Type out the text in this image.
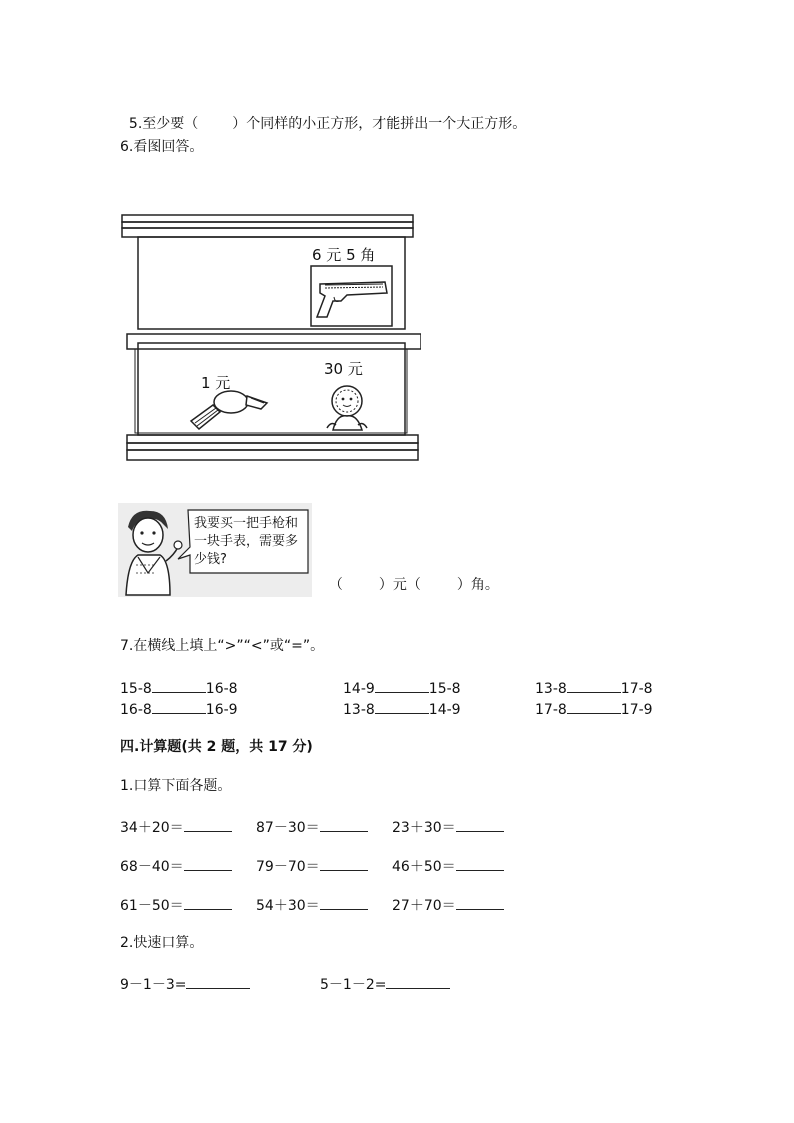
5.至少要（ ）个同样的小正方形，才能拼出一个大正方形。

6.看图回答。
6 元 5 角
1 元
30 元
我要买一把手枪和
一块手表，需要多
少钱?

（	）元（	）角。

7.在横线上填上“>”“<”或“=”。
15-8	16-8	14-9	15-8	13-8	17-8
16-8	16-9	13-8	14-9	17-8	17-9
四.计算题(共 2 题，共 17 分)
1.口算下面各题。
34＋20＝	87－30＝	23＋30＝
68－40＝	79－70＝	46＋50＝
61－50＝	54＋30＝	27＋70＝
2.快速口算。
9－1－3=	5－1－2=
